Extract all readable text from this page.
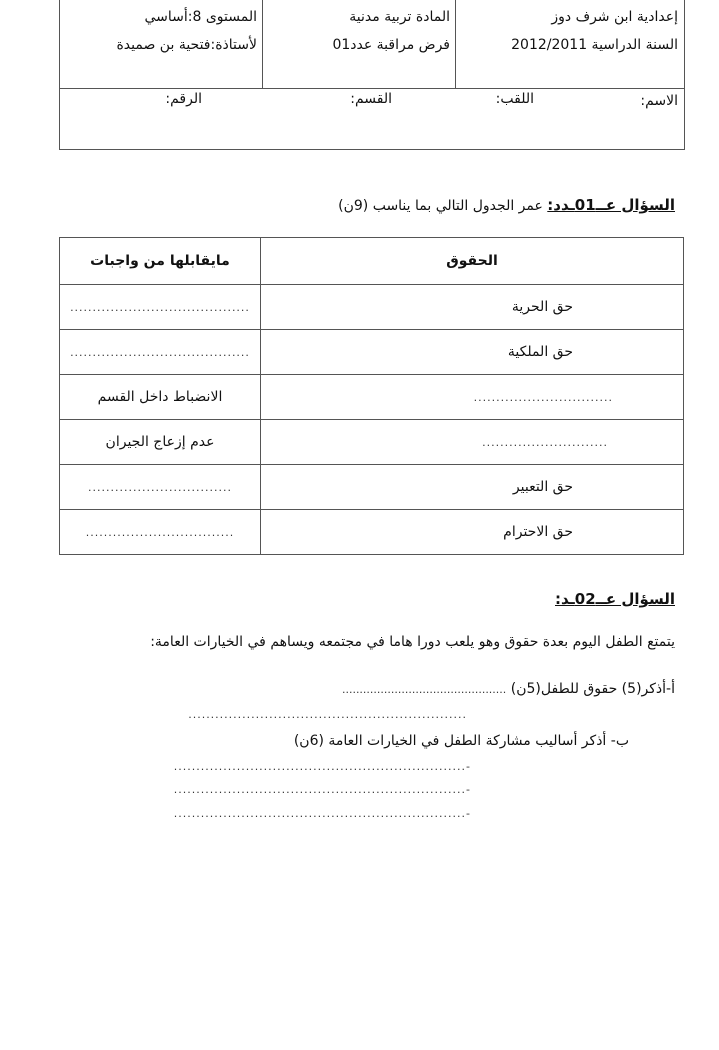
إعدادية ابن شرف دوز
السنة الدراسية 2012/2011
المادة تربية مدنية
فرض مراقبة عدد01
المستوى 8:أساسي
لأستاذة:فتحية بن صميدة
الاسم:
اللقب:
القسم:
الرقم:
السؤال عــ01ـدد: عمر الجدول التالي بما يناسب (9ن)
الحقوق	مايقابلها من واجبات
حق الحرية	........................................
حق الملكية	........................................
...............................	الانضباط داخل القسم
............................	عدم إزعاج الجيران
حق التعبير	................................
حق الاحترام	.................................
السؤال عــ02ـد:
يتمتع الطفل اليوم بعدة حقوق وهو يلعب دورا هاما في مجتمعه ويساهم في الخيارات العامة:
أ-أذكر(5) حقوق للطفل(5ن) ...............................................
..............................................................
ب- أذكر أساليب مشاركة الطفل في الخيارات العامة (6ن)
-.................................................................
-.................................................................
-.................................................................
